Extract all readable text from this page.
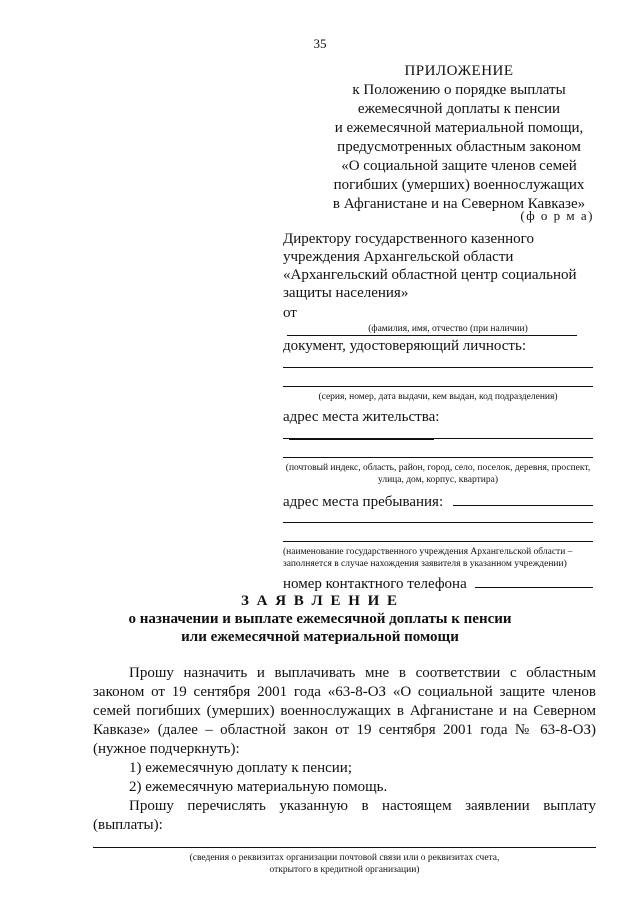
35
ПРИЛОЖЕНИЕ
к Положению о порядке выплаты
ежемесячной доплаты к пенсии
и ежемесячной материальной помощи,
предусмотренных областным законом
«О социальной защите членов семей
погибших (умерших) военнослужащих
в Афганистане и на Северном Кавказе»
(ф о р м а)
Директору государственного казенного
учреждения Архангельской области
«Архангельский областной центр социальной
защиты населения»
от
(фамилия, имя, отчество (при наличии)
документ, удостоверяющий личность:
(серия, номер, дата выдачи, кем выдан, код подразделения)
адрес места жительства:
(почтовый индекс, область, район, город, село, поселок, деревня, проспект, улица, дом, корпус, квартира)
адрес места пребывания:
(наименование государственного учреждения Архангельской области – заполняется в случае нахождения заявителя в указанном учреждении)
номер контактного телефона
З А Я В Л Е Н И Е
о назначении и выплате ежемесячной доплаты к пенсии
или ежемесячной материальной помощи
Прошу назначить и выплачивать мне в соответствии с областным законом от 19 сентября 2001 года «63-8-ОЗ «О социальной защите членов семей погибших (умерших) военнослужащих в Афганистане и на Северном Кавказе» (далее – областной закон от 19 сентября 2001 года № 63-8-ОЗ) (нужное подчеркнуть):
1) ежемесячную доплату к пенсии;
2) ежемесячную материальную помощь.
Прошу перечислять указанную в настоящем заявлении выплату (выплаты):
(сведения о реквизитах организации почтовой связи или о реквизитах счета,
открытого в кредитной организации)
